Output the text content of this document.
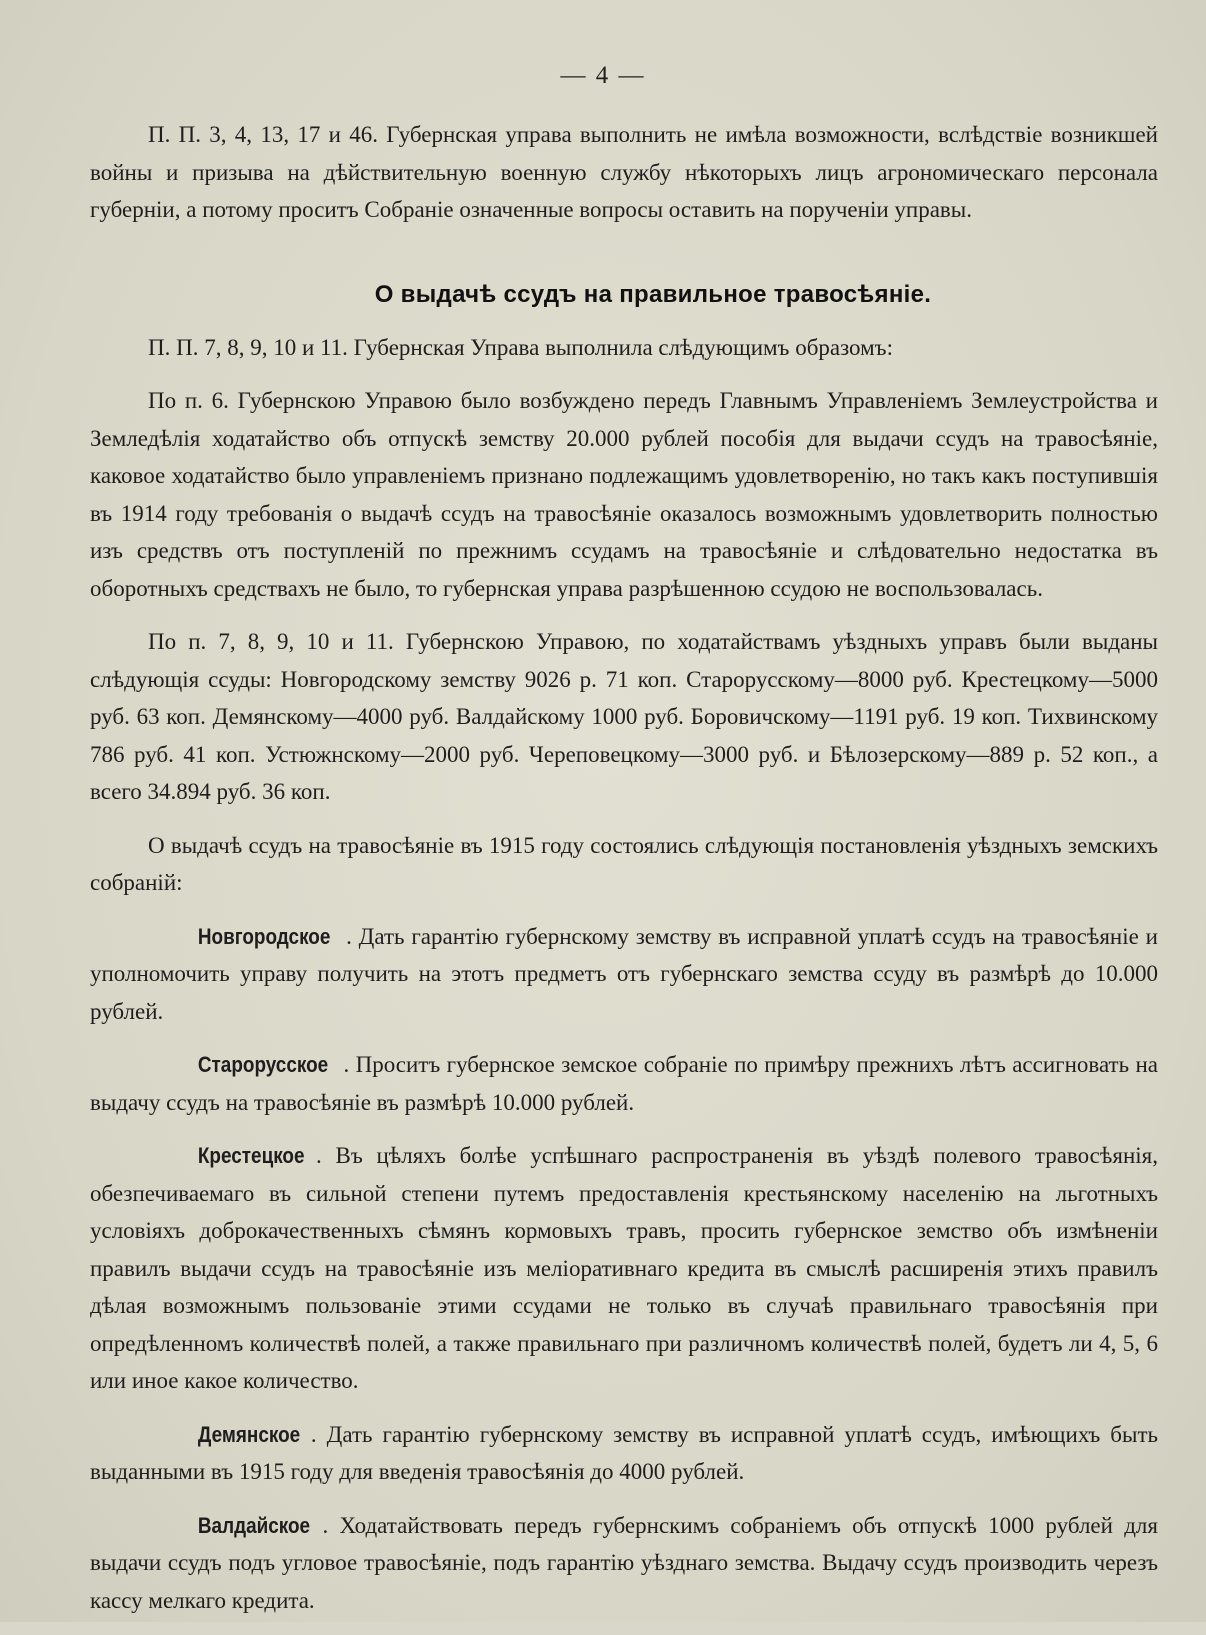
— 4 —

П. П. 3, 4, 13, 17 и 46. Губернская управа выполнить не имѣла возможности, вслѣдствіе возникшей войны и призыва на дѣйствительную военную службу нѣкоторыхъ лицъ агрономическаго персонала губерніи, а потому проситъ Собраніе означенные вопросы оставить на порученіи управы.

О выдачѣ ссудъ на правильное травосѣяніе.

П. П. 7, 8, 9, 10 и 11. Губернская Управа выполнила слѣдующимъ образомъ:

По п. 6. Губернскою Управою было возбуждено передъ Главнымъ Управленіемъ Землеустройства и Земледѣлія ходатайство объ отпускѣ земству 20.000 рублей пособія для выдачи ссудъ на травосѣяніе, каковое ходатайство было управленіемъ признано подлежащимъ удовлетворенію, но такъ какъ поступившія въ 1914 году требованія о выдачѣ ссудъ на травосѣяніе оказалось возможнымъ удовлетворить полностью изъ средствъ отъ поступленій по прежнимъ ссудамъ на травосѣяніе и слѣдовательно недостатка въ оборотныхъ средствахъ не было, то губернская управа разрѣшенною ссудою не воспользовалась.

По п. 7, 8, 9, 10 и 11. Губернскою Управою, по ходатайствамъ уѣздныхъ управъ были выданы слѣдующія ссуды: Новгородскому земству 9026 р. 71 коп. Старорусскому—8000 руб. Крестецкому—5000 руб. 63 коп. Демянскому—4000 руб. Валдайскому 1000 руб. Боровичскому—1191 руб. 19 коп. Тихвинскому 786 руб. 41 коп. Устюжнскому—2000 руб. Череповецкому—3000 руб. и Бѣлозерскому—889 р. 52 коп., а всего 34.894 руб. 36 коп.

О выдачѣ ссудъ на травосѣяніе въ 1915 году состоялись слѣдующія постановленія уѣздныхъ земскихъ собраній:

Новгородское . Дать гарантію губернскому земству въ исправной уплатѣ ссудъ на травосѣяніе и уполномочить управу получить на этотъ предметъ отъ губернскаго земства ссуду въ размѣрѣ до 10.000 рублей.

Старорусское . Проситъ губернское земское собраніе по примѣру прежнихъ лѣтъ ассигновать на выдачу ссудъ на травосѣяніе въ размѣрѣ 10.000 рублей.

Крестецкое . Въ цѣляхъ болѣе успѣшнаго распространенія въ уѣздѣ полевого травосѣянія, обезпечиваемаго въ сильной степени путемъ предоставленія крестьянскому населенію на льготныхъ условіяхъ доброкачественныхъ сѣмянъ кормовыхъ травъ, просить губернское земство объ измѣненіи правилъ выдачи ссудъ на травосѣяніе изъ меліоративнаго кредита въ смыслѣ расширенія этихъ правилъ дѣлая возможнымъ пользованіе этими ссудами не только въ случаѣ правильнаго травосѣянія при опредѣленномъ количествѣ полей, а также правильнаго при различномъ количествѣ полей, будетъ ли 4, 5, 6 или иное какое количество.

Демянское . Дать гарантію губернскому земству въ исправной уплатѣ ссудъ, имѣющихъ быть выданными въ 1915 году для введенія травосѣянія до 4000 рублей.

Валдайское . Ходатайствовать передъ губернскимъ собраніемъ объ отпускѣ 1000 рублей для выдачи ссудъ подъ угловое травосѣяніе, подъ гарантію уѣзднаго земства. Выдачу ссудъ производить черезъ кассу мелкаго кредита.
